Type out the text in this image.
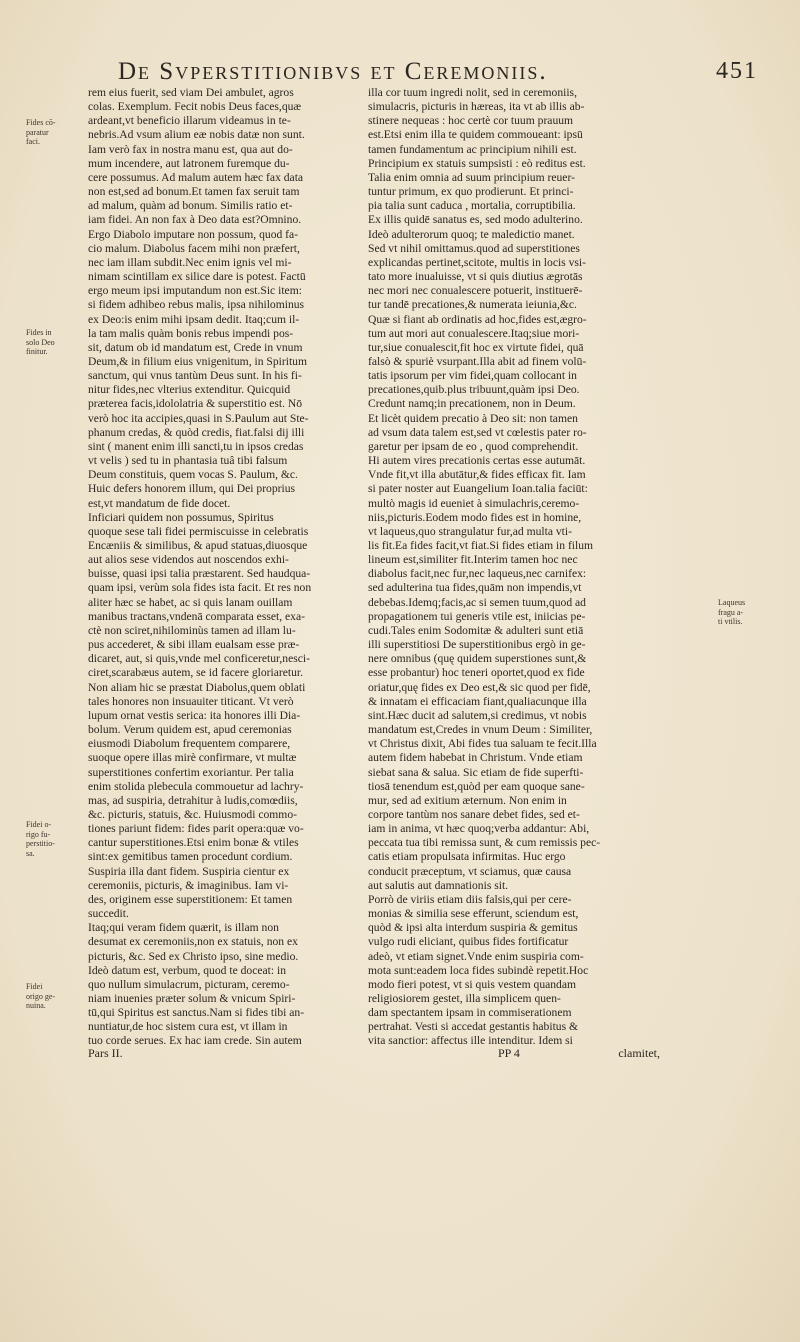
De Svperstitionibvs et Ceremoniis.	451
Fides cō-
paratur
faci.
Fides in
solo Deo
finitur.
Fidei o-
rigo fu-
perstitio-
sa.
Fidei
origo ge-
nuina.
Laqueus
fragu a-
ti vtilis.
rem eius fuerit, sed viam Dei ambulet, agros
colas. Exemplum. Fecit nobis Deus faces,quæ
ardeant,vt beneficio illarum videamus in te-
nebris.Ad vsum alium eæ nobis datæ non sunt.
Iam verò fax in nostra manu est, qua aut do-
mum incendere, aut latronem furemque du-
cere possumus. Ad malum autem hæc fax data
non est,sed ad bonum.Et tamen fax seruit tam
ad malum, quàm ad bonum. Similis ratio et-
iam fidei. An non fax à Deo data est?Omnino.
Ergo Diabolo imputare non possum, quod fa-
cio malum. Diabolus facem mihi non præfert,
nec iam illam subdit.Nec enim ignis vel mi-
nimam scintillam ex silice dare is potest. Factū
ergo meum ipsi imputandum non est.Sic item:
si fidem adhibeo rebus malis, ipsa nihilominus
ex Deo:is enim mihi ipsam dedit. Itaq;cum il-
la tam malis quàm bonis rebus impendi pos-
sit, datum ob id mandatum est, Crede in vnum
Deum,& in filium eius vnigenitum, in Spiritum
sanctum, qui vnus tantùm Deus sunt. In his fi-
nitur fides,nec vlterius extenditur. Quicquid
præterea facis,idololatria & superstitio est. Nō
verò hoc ita accipies,quasi in S.Paulum aut Ste-
phanum credas, & quòd credis, fiat.falsi dij illi
sint ( manent enim illi sancti,tu in ipsos credas
vt velis ) sed tu in phantasia tuâ tibi falsum
Deum constituis, quem vocas S. Paulum, &c.
Huic defers honorem illum, qui Dei proprius
est,vt mandatum de fide docet.
Inficiari quidem non possumus, Spiritus
quoque sese tali fidei permiscuisse in celebratis
Encæniis & similibus, & apud statuas,diuosque
aut alios sese videndos aut noscendos exhi-
buisse, quasi ipsi talia præstarent. Sed haudqua-
quam ipsi, verùm sola fides ista facit. Et res non
aliter hæc se habet, ac si quis lanam ouillam
manibus tractans,vndenā comparata esset, exa-
ctè non sciret,nihilominùs tamen ad illam lu-
pus accederet, & sibi illam eualsam esse præ-
dicaret, aut, si quis,vnde mel conficeretur,nesci-
ciret,scarabæus autem, se id facere gloriaretur.
Non aliam hic se præstat Diabolus,quem oblati
tales honores non insuauiter titicant. Vt verò
lupum ornat vestis serica: ita honores illi Dia-
bolum. Verum quidem est, apud ceremonias
eiusmodi Diabolum frequentem comparere,
suoque opere illas mirè confirmare, vt multæ
superstitiones confertim exoriantur. Per talia
enim stolida plebecula commouetur ad lachry-
mas, ad suspiria, detrahitur à ludis,comœdiis,
&c. picturis, statuis, &c. Huiusmodi commo-
tiones pariunt fidem: fides parit opera:quæ vo-
cantur superstitiones.Etsi enim bonæ & vtiles
sint:ex gemitibus tamen procedunt cordium.
Suspiria illa dant fidem. Suspiria cientur ex
ceremoniis, picturis, & imaginibus. Iam vi-
des, originem esse superstitionem: Et tamen
succedit.
Itaq;qui veram fidem quærit, is illam non
desumat ex ceremoniis,non ex statuis, non ex
picturis, &c. Sed ex Christo ipso, sine medio.
Ideò datum est, verbum, quod te doceat: in
quo nullum simulacrum, picturam, ceremo-
niam inuenies præter solum & vnicum Spiri-
tū,qui Spiritus est sanctus.Nam si fides tibi an-
nuntiatur,de hoc sistem cura est, vt illam in
tuo corde serues. Ex hac iam crede. Sin autem
illa cor tuum ingredi nolit, sed in ceremoniis,
simulacris, picturis in hæreas, ita vt ab illis ab-
stinere nequeas : hoc certè cor tuum prauum
est.Etsi enim illa te quidem commoueant: ipsū
tamen fundamentum ac principium nihili est.
Principium ex statuis sumpsisti : eò reditus est.
Talia enim omnia ad suum principium reuer-
tuntur primum, ex quo prodierunt. Et princi-
pia talia sunt caduca , mortalia, corruptibilia.
Ex illis quidē sanatus es, sed modo adulterino.
Ideò adulterorum quoq; te maledictio manet.
Sed vt nihil omittamus.quod ad superstitiones
explicandas pertinet,scitote, multis in locis vsi-
tato more inualuisse, vt si quis diutius ægrotās
nec mori nec conualescere potuerit, instituerē-
tur tandē precationes,& numerata ieiunia,&c.
Quæ si fiant ab ordinatis ad hoc,fides est,ægro-
tum aut mori aut conualescere.Itaq;siue mori-
tur,siue conualescit,fit hoc ex virtute fidei, quā
falsò & spuriè vsurpant.Illa abit ad finem volū-
tatis ipsorum per vim fidei,quam collocant in
precationes,quib.plus tribuunt,quàm ipsi Deo.
Credunt namq;in precationem, non in Deum.
Et licèt quidem precatio à Deo sit: non tamen
ad vsum data talem est,sed vt cœlestis pater ro-
garetur per ipsam de eo , quod comprehendit.
Hi autem vires precationis certas esse autumāt.
Vnde fit,vt illa abutātur,& fides efficax fit. Iam
si pater noster aut Euangelium Ioan.talia faciūt:
multò magis id eueniet à simulachris,ceremo-
niis,picturis.Eodem modo fides est in homine,
vt laqueus,quo strangulatur fur,ad multa vti-
lis fit.Ea fides facit,vt fiat.Si fides etiam in filum
lineum est,similiter fit.Interim tamen hoc nec
diabolus facit,nec fur,nec laqueus,nec carnifex:
sed adulterina tua fides,quām non impendis,vt
debebas.Idemq;facis,ac si semen tuum,quod ad
propagationem tui generis vtile est, iniicias pe-
cudi.Tales enim Sodomitæ & adulteri sunt etiā
illi superstitiosi De superstitionibus ergò in ge-
nere omnibus (quę quidem superstiones sunt,&
esse probantur) hoc teneri oportet,quod ex fide
oriatur,quę fides ex Deo est,& sic quod per fidē,
& innatam ei efficaciam fiant,qualiacunque illa
sint.Hæc ducit ad salutem,si credimus, vt nobis
mandatum est,Credes in vnum Deum : Similiter,
vt Christus dixit, Abi fides tua saluam te fecit.Illa
autem fidem habebat in Christum. Vnde etiam
siebat sana & salua. Sic etiam de fide superfti-
tiosā tenendum est,quòd per eam quoque sane-
mur, sed ad exitium æternum. Non enim in
corpore tantùm nos sanare debet fides, sed et-
iam in anima, vt hæc quoq;verba addantur: Abi,
peccata tua tibi remissa sunt, & cum remissis pec-
catis etiam propulsata infirmitas. Huc ergo
conducit præceptum, vt sciamus, quæ causa
aut salutis aut damnationis sit.
Porrò de viriis etiam diis falsis,qui per cere-
monias & similia sese efferunt, sciendum est,
quòd & ipsi alta interdum suspiria & gemitus
vulgo rudi eliciant, quibus fides fortificatur
adeò, vt etiam signet.Vnde enim suspiria com-
mota sunt:eadem loca fides subindè repetit.Hoc
modo fieri potest, vt si quis vestem quandam
religiosiorem gestet, illa simplicem quen-
dam spectantem ipsam in commiserationem
pertrahat. Vesti si accedat gestantis habitus &
vita sanctior: affectus ille intenditur. Idem si
Pars II.	PP 4	clamitet,
